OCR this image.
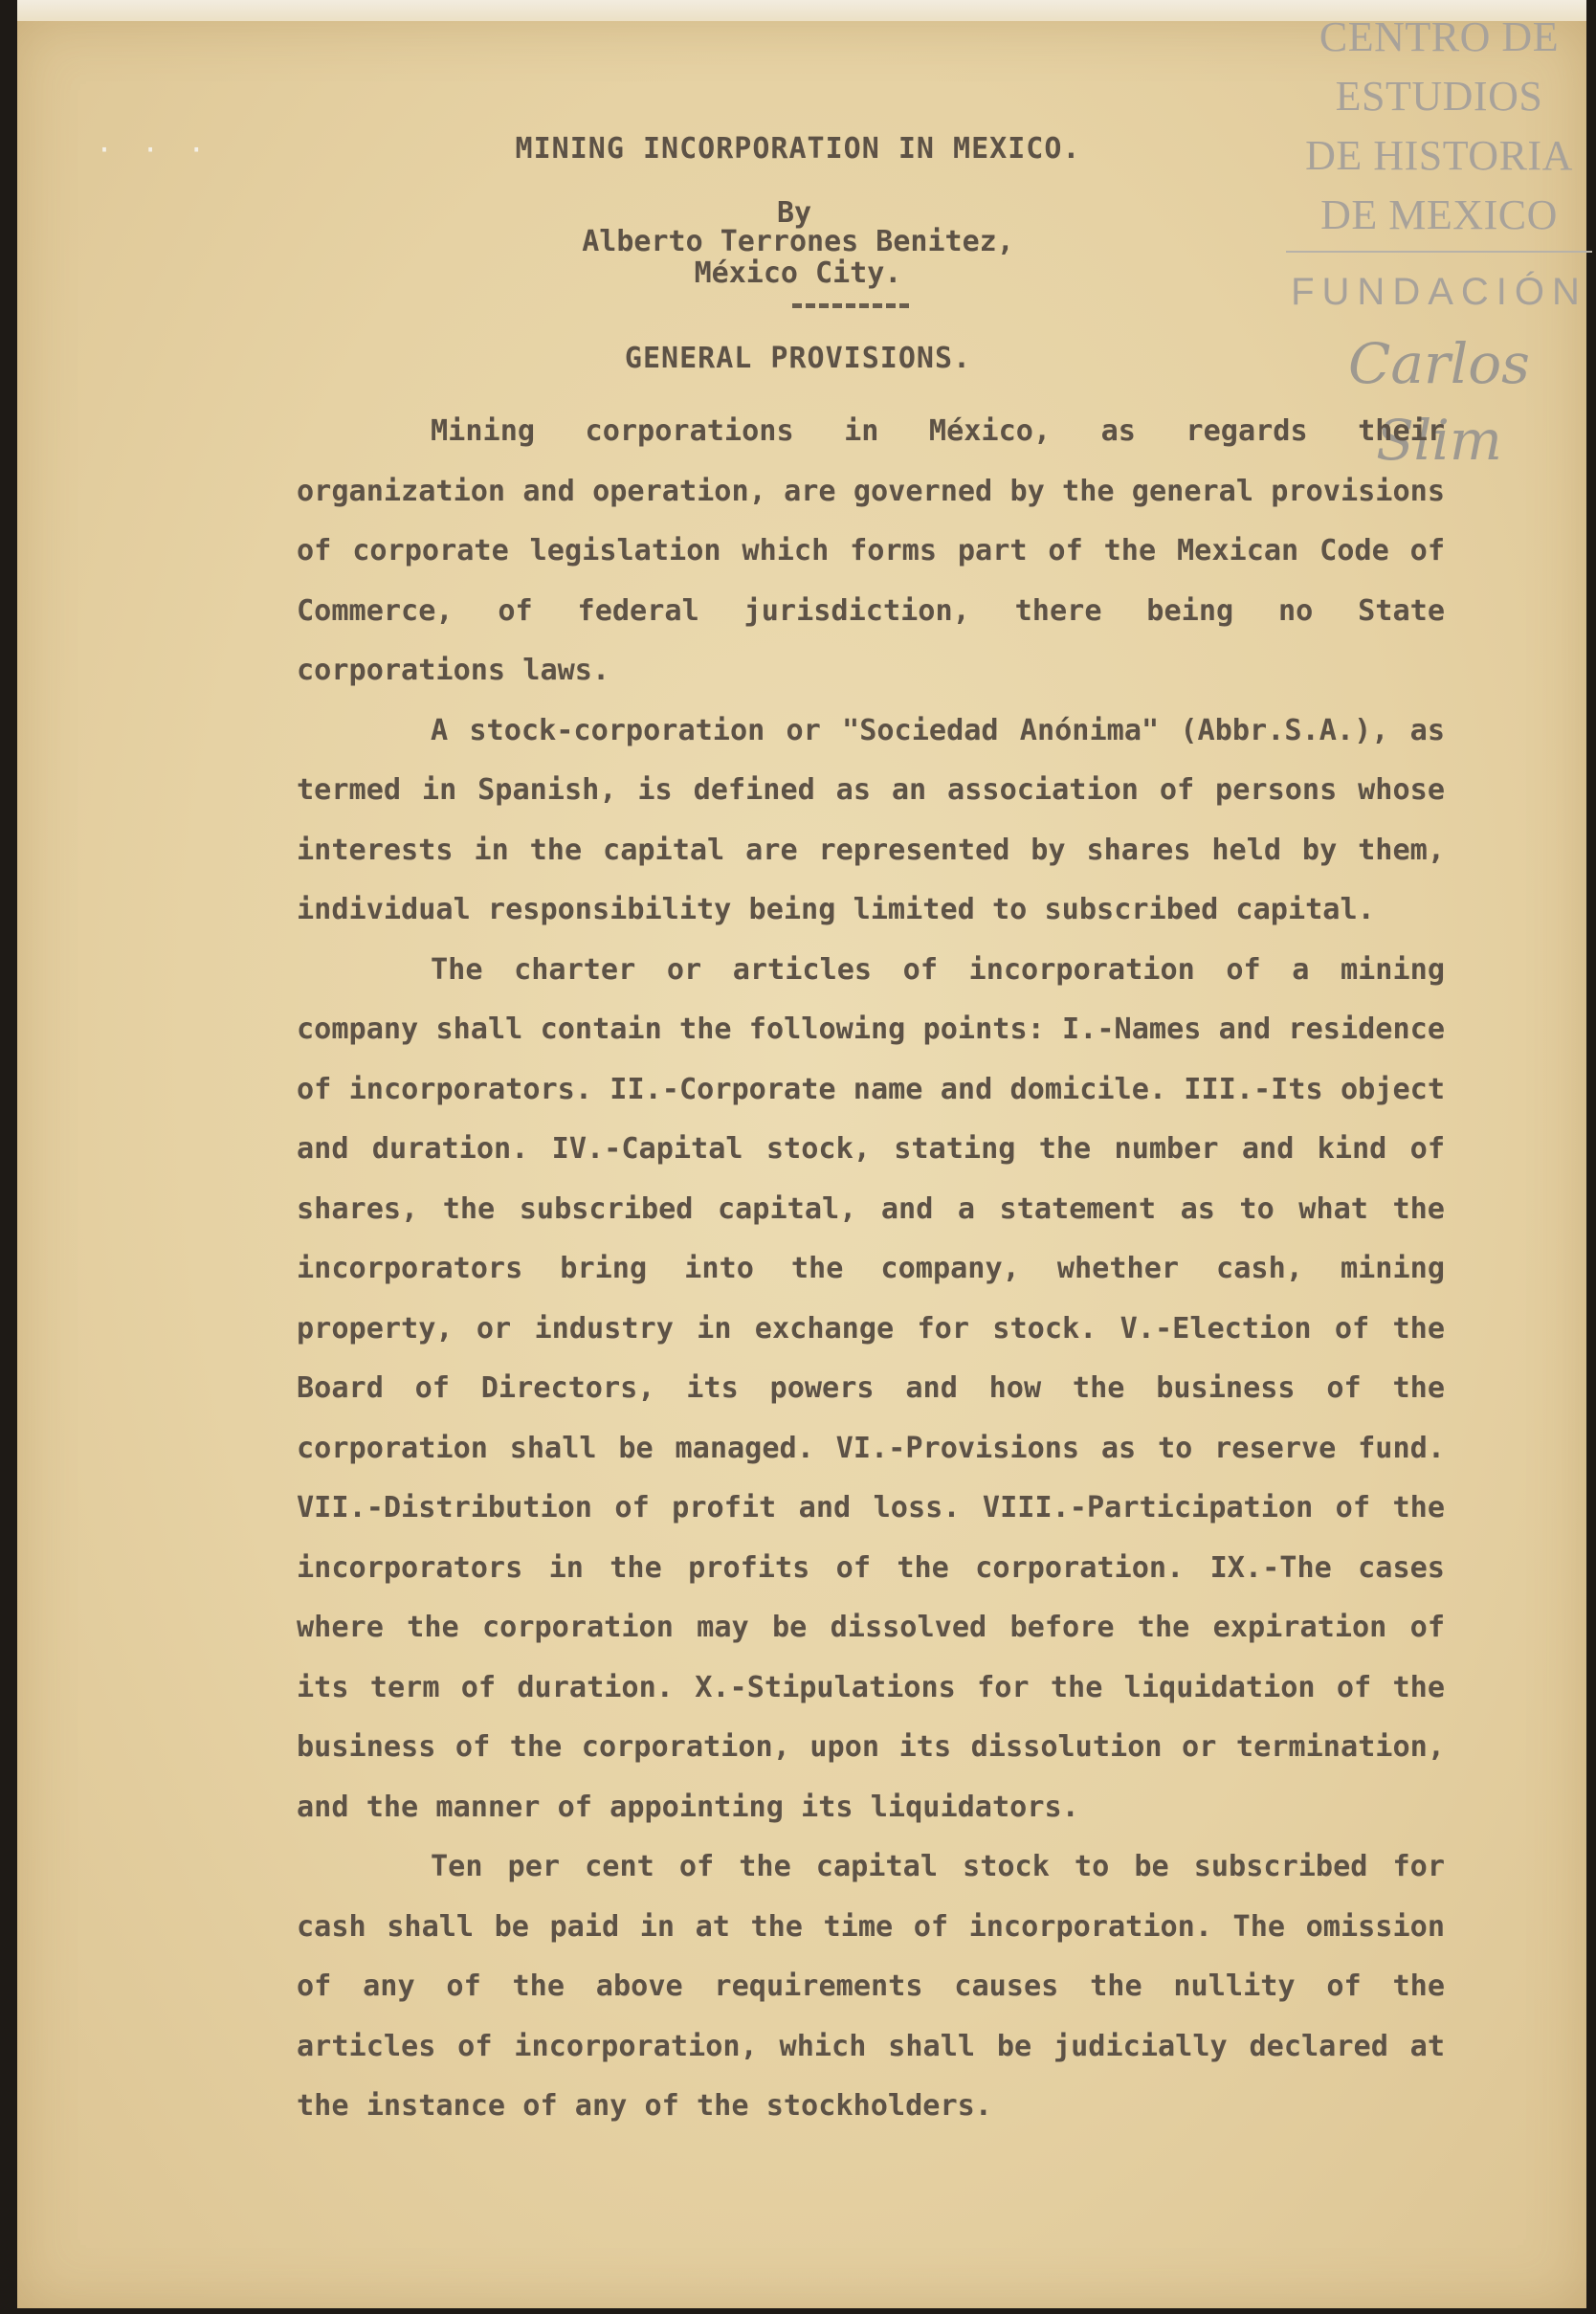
· · ·
CENTRO DE
ESTUDIOS
DE HISTORIA
DE MEXICO
FUNDACIÓN
Carlos Slim
MINING INCORPORATION IN MEXICO.
By
Alberto Terrones Benitez,
México City.
GENERAL PROVISIONS.

Mining corporations in México, as regards their organization and operation, are governed by the general provisions of corporate legislation which forms part of the Mexican Code of Commerce, of federal jurisdiction, there being no State corporations laws.

A stock-corporation or "Sociedad Anónima" (Abbr.S.A.), as termed in Spanish, is defined as an association of persons whose interests in the capital are represented by shares held by them, individual responsibility being limited to subscribed capital.

The charter or articles of incorporation of a mining company shall contain the following points: I.-Names and residence of incorporators. II.-Corporate name and domicile. III.-Its object and duration. IV.-Capital stock, stating the number and kind of shares, the subscribed capital, and a statement as to what the incorporators bring into the company, whether cash, mining property, or industry in exchange for stock. V.-Election of the Board of Directors, its powers and how the business of the corporation shall be managed. VI.-Provisions as to reserve fund. VII.-Distribution of profit and loss. VIII.-Participation of the incorporators in the profits of the corporation. IX.-The cases where the corporation may be dissolved before the expiration of its term of duration. X.-Stipulations for the liquidation of the business of the corporation, upon its dissolution or termination, and the manner of appointing its liquidators.

Ten per cent of the capital stock to be subscribed for cash shall be paid in at the time of incorporation. The omission of any of the above requirements causes the nullity of the articles of incorporation, which shall be judicially declared at the instance of any of the stockholders.
